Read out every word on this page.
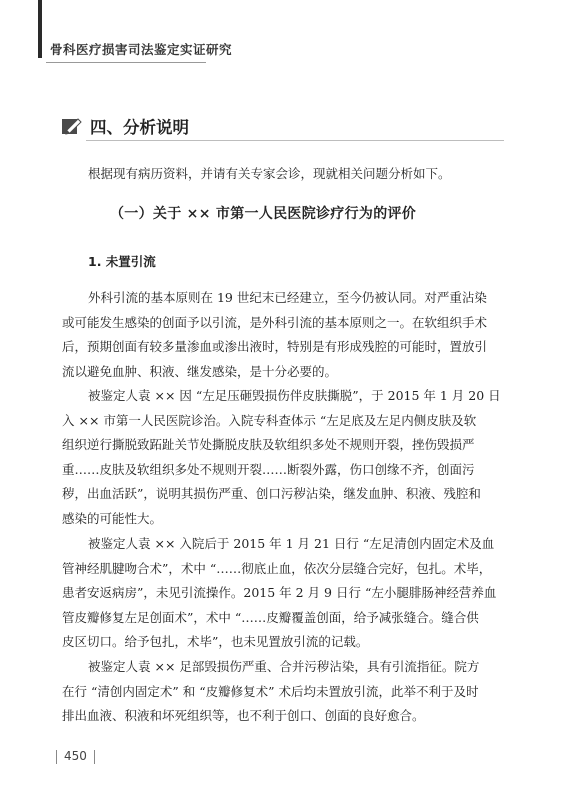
骨科医疗损害司法鉴定实证研究
四、分析说明

根据现有病历资料，并请有关专家会诊，现就相关问题分析如下。

（一）关于 ×× 市第一人民医院诊疗行为的评价
1. 未置引流
外科引流的基本原则在 19 世纪末已经建立，至今仍被认同。对严重沾染
或可能发生感染的创面予以引流，是外科引流的基本原则之一。在软组织手术
后，预期创面有较多量渗血或渗出液时，特别是有形成残腔的可能时，置放引
流以避免血肿、积液、继发感染，是十分必要的。
被鉴定人袁 ×× 因 “左足压砸毁损伤伴皮肤撕脱”，于 2015 年 1 月 20 日
入 ×× 市第一人民医院诊治。入院专科查体示 “左足底及左足内侧皮肤及软
组织逆行撕脱致跖趾关节处撕脱皮肤及软组织多处不规则开裂，挫伤毁损严
重……皮肤及软组织多处不规则开裂……断裂外露，伤口创缘不齐，创面污
秽，出血活跃”，说明其损伤严重、创口污秽沾染，继发血肿、积液、残腔和
感染的可能性大。
被鉴定人袁 ×× 入院后于 2015 年 1 月 21 日行 “左足清创内固定术及血
管神经肌腱吻合术”，术中 “……彻底止血，依次分层缝合完好，包扎。术毕，
患者安返病房”，未见引流操作。2015 年 2 月 9 日行 “左小腿腓肠神经营养血
管皮瓣修复左足创面术”，术中 “……皮瓣覆盖创面，给予减张缝合。缝合供
皮区切口。给予包扎，术毕”，也未见置放引流的记载。
被鉴定人袁 ×× 足部毁损伤严重、合并污秽沾染，具有引流指征。院方
在行 “清创内固定术” 和 “皮瓣修复术” 术后均未置放引流，此举不利于及时
排出血液、积液和坏死组织等，也不利于创口、创面的良好愈合。
450
